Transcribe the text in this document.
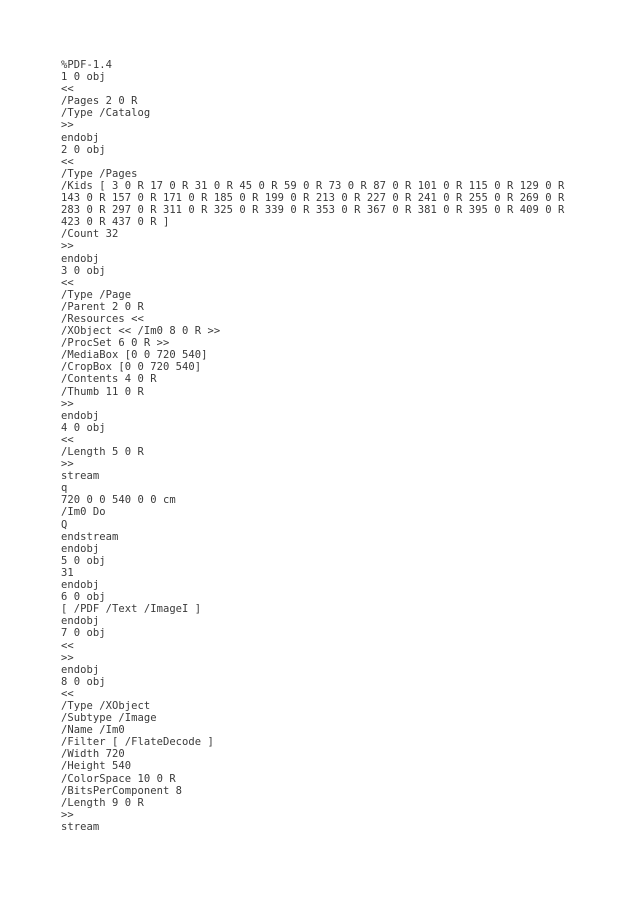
%PDF-1.4
1 0 obj
<<
/Pages 2 0 R
/Type /Catalog
>>
endobj
2 0 obj
<<
/Type /Pages
/Kids [ 3 0 R 17 0 R 31 0 R 45 0 R 59 0 R 73 0 R 87 0 R 101 0 R 115 0 R 129 0 R
143 0 R 157 0 R 171 0 R 185 0 R 199 0 R 213 0 R 227 0 R 241 0 R 255 0 R 269 0 R
283 0 R 297 0 R 311 0 R 325 0 R 339 0 R 353 0 R 367 0 R 381 0 R 395 0 R 409 0 R
423 0 R 437 0 R ]
/Count 32
>>
endobj
3 0 obj
<<
/Type /Page
/Parent 2 0 R
/Resources <<
/XObject << /Im0 8 0 R >>
/ProcSet 6 0 R >>
/MediaBox [0 0 720 540]
/CropBox [0 0 720 540]
/Contents 4 0 R
/Thumb 11 0 R
>>
endobj
4 0 obj
<<
/Length 5 0 R
>>
stream
q
720 0 0 540 0 0 cm
/Im0 Do
Q
endstream
endobj
5 0 obj
31
endobj
6 0 obj
[ /PDF /Text /ImageI ]
endobj
7 0 obj
<<
>>
endobj
8 0 obj
<<
/Type /XObject
/Subtype /Image
/Name /Im0
/Filter [ /FlateDecode ]
/Width 720
/Height 540
/ColorSpace 10 0 R
/BitsPerComponent 8
/Length 9 0 R
>>
stream
